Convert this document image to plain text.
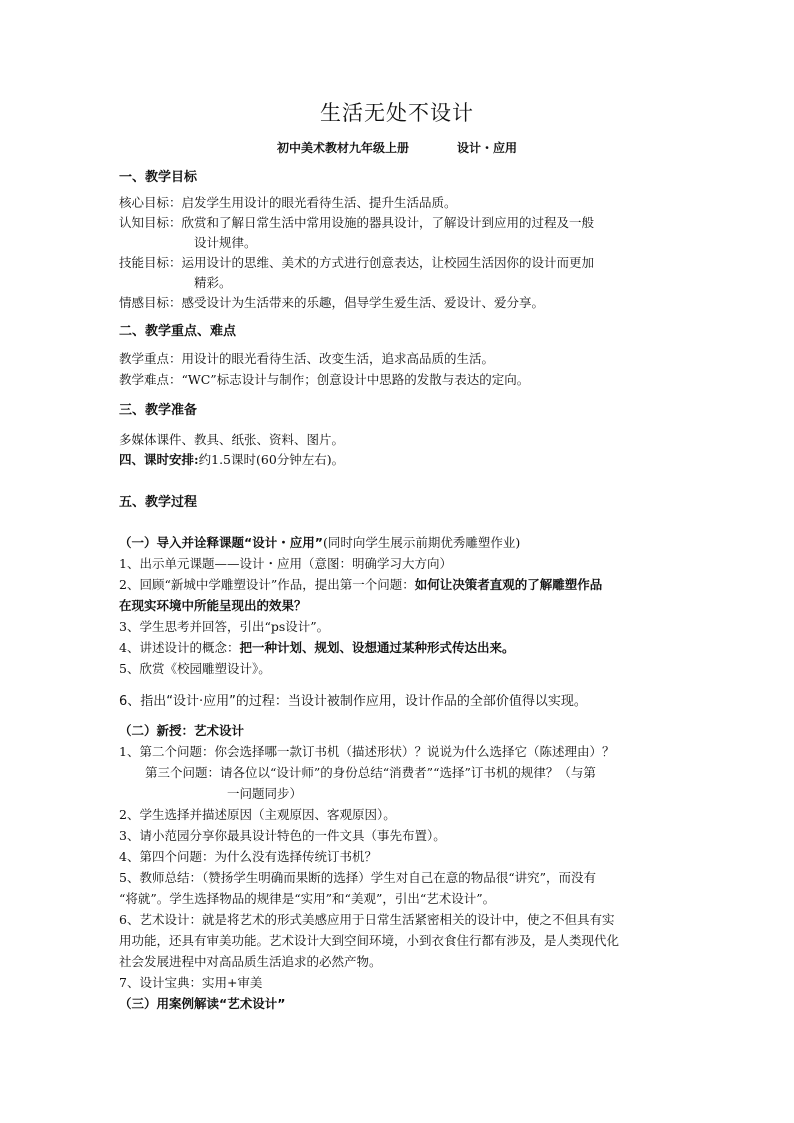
生活无处不设计
初中美术教材九年级上册	设计・应用
一、教学目标
核心目标：启发学生用设计的眼光看待生活、提升生活品质。
认知目标：欣赏和了解日常生活中常用设施的器具设计，了解设计到应用的过程及一般
设计规律。
技能目标：运用设计的思维、美术的方式进行创意表达，让校园生活因你的设计而更加
精彩。
情感目标：感受设计为生活带来的乐趣，倡导学生爱生活、爱设计、爱分享。
二、教学重点、难点
教学重点：用设计的眼光看待生活、改变生活，追求高品质的生活。
教学难点：“WC”标志设计与制作；创意设计中思路的发散与表达的定向。
三、教学准备
多媒体课件、教具、纸张、资料、图片。
四、课时安排:约1.5课时(60分钟左右)。
五、教学过程
（一）导入并诠释课题“设计・应用”(同时向学生展示前期优秀雕塑作业)
1、出示单元课题——设计・应用（意图：明确学习大方向）
2、回顾“新城中学雕塑设计”作品，提出第一个问题：如何让决策者直观的了解雕塑作品
在现实环境中所能呈现出的效果？
3、学生思考并回答，引出“ps设计”。
4、讲述设计的概念：把一种计划、规划、设想通过某种形式传达出来。
5、欣赏《校园雕塑设计》。
6、指出“设计·应用”的过程：当设计被制作应用，设计作品的全部价值得以实现。
（二）新授：艺术设计
1、第二个问题：你会选择哪一款订书机（描述形状）？说说为什么选择它（陈述理由）？
第三个问题：请各位以“设计师”的身份总结“消费者”“选择”订书机的规律？（与第
一问题同步）
2、学生选择并描述原因（主观原因、客观原因）。
3、请小范园分享你最具设计特色的一件文具（事先布置）。
4、第四个问题：为什么没有选择传统订书机？
5、教师总结：（赞扬学生明确而果断的选择）学生对自己在意的物品很“讲究”，而没有
“将就”。学生选择物品的规律是“实用”和“美观”，引出“艺术设计”。
6、艺术设计：就是将艺术的形式美感应用于日常生活紧密相关的设计中，使之不但具有实
用功能，还具有审美功能。艺术设计大到空间环境，小到衣食住行都有涉及，是人类现代化
社会发展进程中对高品质生活追求的必然产物。
7、设计宝典：实用+审美
（三）用案例解读“艺术设计”
